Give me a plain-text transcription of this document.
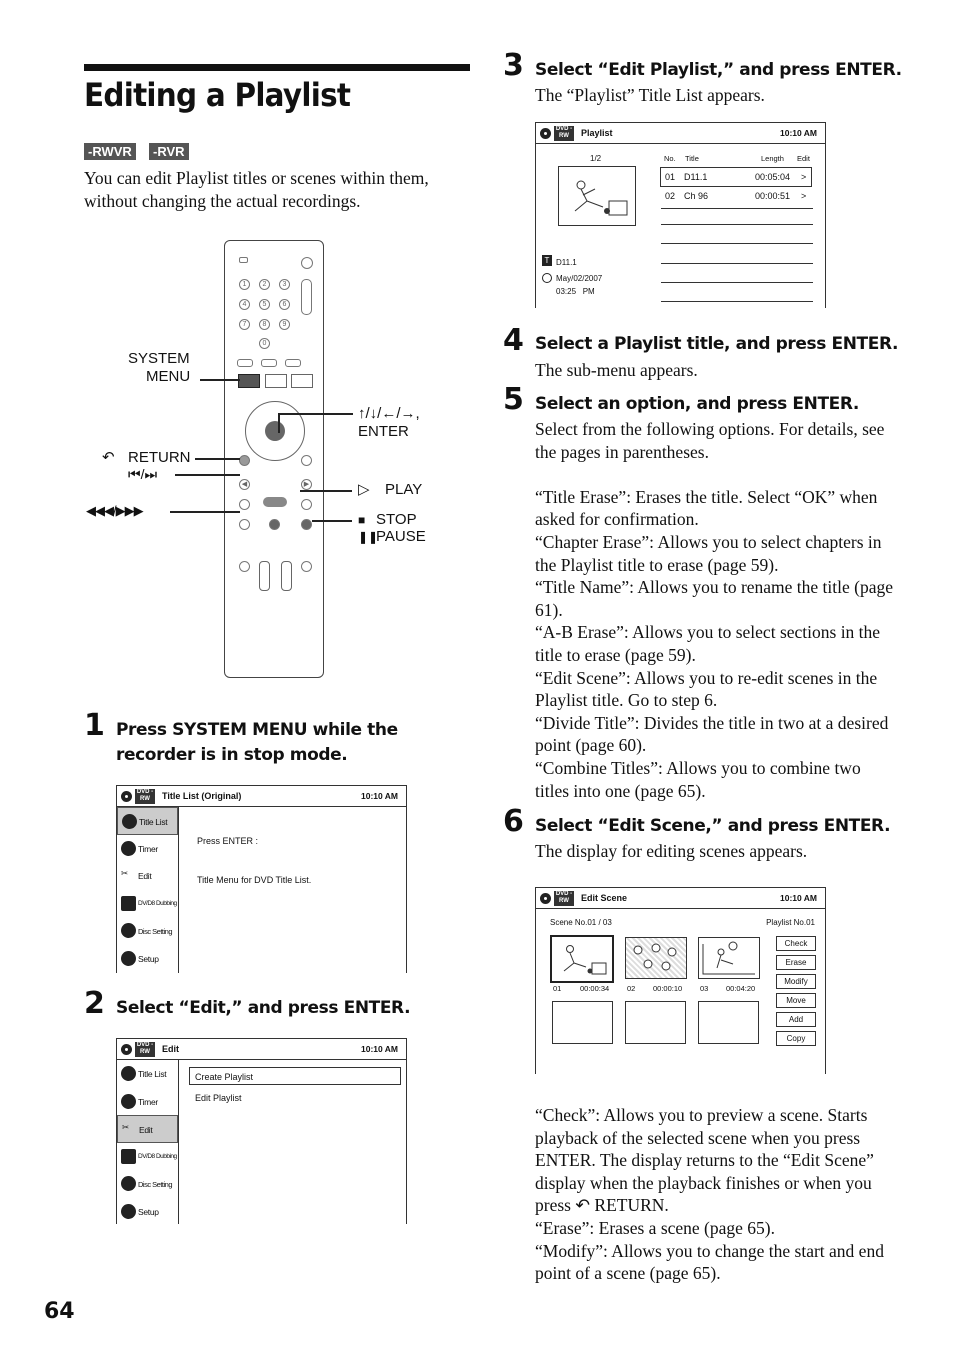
Editing a Playlist
-RWVR	-RVR
You can edit Playlist titles or scenes within them, without changing the actual recordings.
1	2	3
4	5	6
7	8	9
0
◀	▶
SYSTEM
MENU
↶ RETURN
⏮/⏭
◀◀◀/▶▶▶
↑/↓/←/→,
ENTER
▷ PLAY
■ STOP
❚❚
PAUSE
1 Press SYSTEM MENU while the recorder is in stop mode.
DVD -RW	Title List (Original)	10:10 AM
Title List
Timer
✂	Edit
DV/D8 Dubbing
Disc Setting
Setup
Press ENTER :
Title Menu for DVD Title List.
2 Select “Edit,” and press ENTER.
DVD -RW	Edit	10:10 AM
Title List
Timer
✂	Edit
DV/D8 Dubbing
Disc Setting
Setup
Create Playlist
Edit Playlist
3 Select “Edit Playlist,” and press ENTER.
The “Playlist” Title List appears.
DVD -RW	Playlist	10:10 AM
1/2	No. Title	Length Edit
01 D11.1	00:05:04 >
02 Ch 96	00:00:51 >
T D11.1
May/02/2007
03:25   PM
4 Select a Playlist title, and press ENTER.
The sub-menu appears.
5 Select an option, and press ENTER.

Select from the following options. For details, see the pages in parentheses.

“Title Erase”: Erases the title. Select “OK” when asked for confirmation.

“Chapter Erase”: Allows you to select chapters in the Playlist title to erase (page 59).

“Title Name”: Allows you to rename the title (page 61).

“A-B Erase”: Allows you to select sections in the title to erase (page 59).

“Edit Scene”: Allows you to re-edit scenes in the Playlist title. Go to step 6.

“Divide Title”: Divides the title in two at a desired point (page 60).

“Combine Titles”: Allows you to combine two titles into one (page 65).

6 Select “Edit Scene,” and press ENTER.
The display for editing scenes appears.
DVD -RW	Edit Scene	10:10 AM
Scene No.01 / 03	Playlist No.01
01 00:00:34 02 00:00:10 03 00:04:20
Check
Erase
Modify
Move
Add
Copy

“Check”: Allows you to preview a scene. Starts playback of the selected scene when you press ENTER. The display returns to the “Edit Scene” display when the playback finishes or when you press ↶ RETURN.

“Erase”: Erases a scene (page 65).

“Modify”: Allows you to change the start and end point of a scene (page 65).

64
